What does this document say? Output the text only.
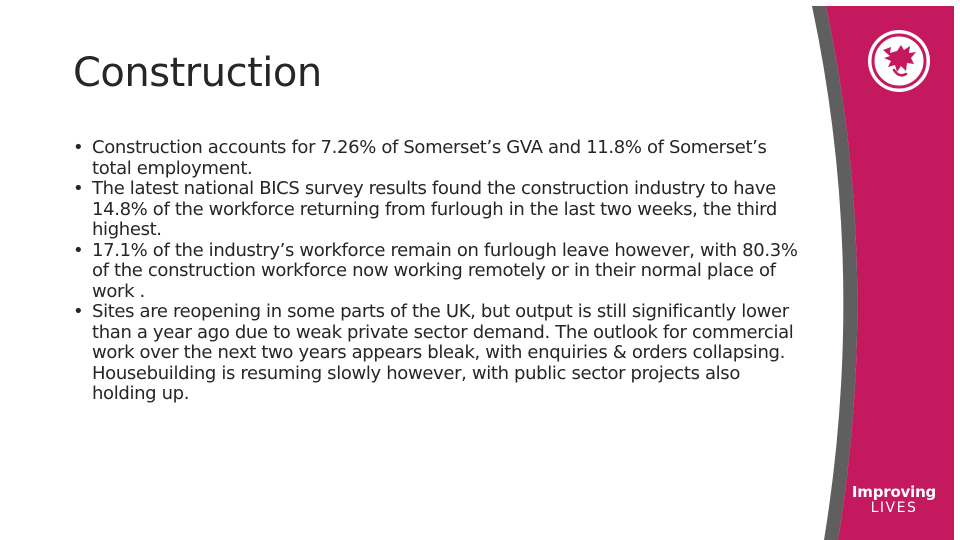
Construction
• Construction accounts for 7.26% of Somerset’s GVA and 11.8% of Somerset’s total employment.
• The latest national BICS survey results found the construction industry to have 14.8% of the workforce returning from furlough in the last two weeks, the third highest.
• 17.1% of the industry’s workforce remain on furlough leave however, with 80.3% of the construction workforce now working remotely or in their normal place of work .
• Sites are reopening in some parts of the UK, but output is still significantly lower than a year ago due to weak private sector demand. The outlook for commercial work over the next two years appears bleak, with enquiries & orders collapsing. Housebuilding is resuming slowly however, with public sector projects also holding up.
Improving
LIVES
